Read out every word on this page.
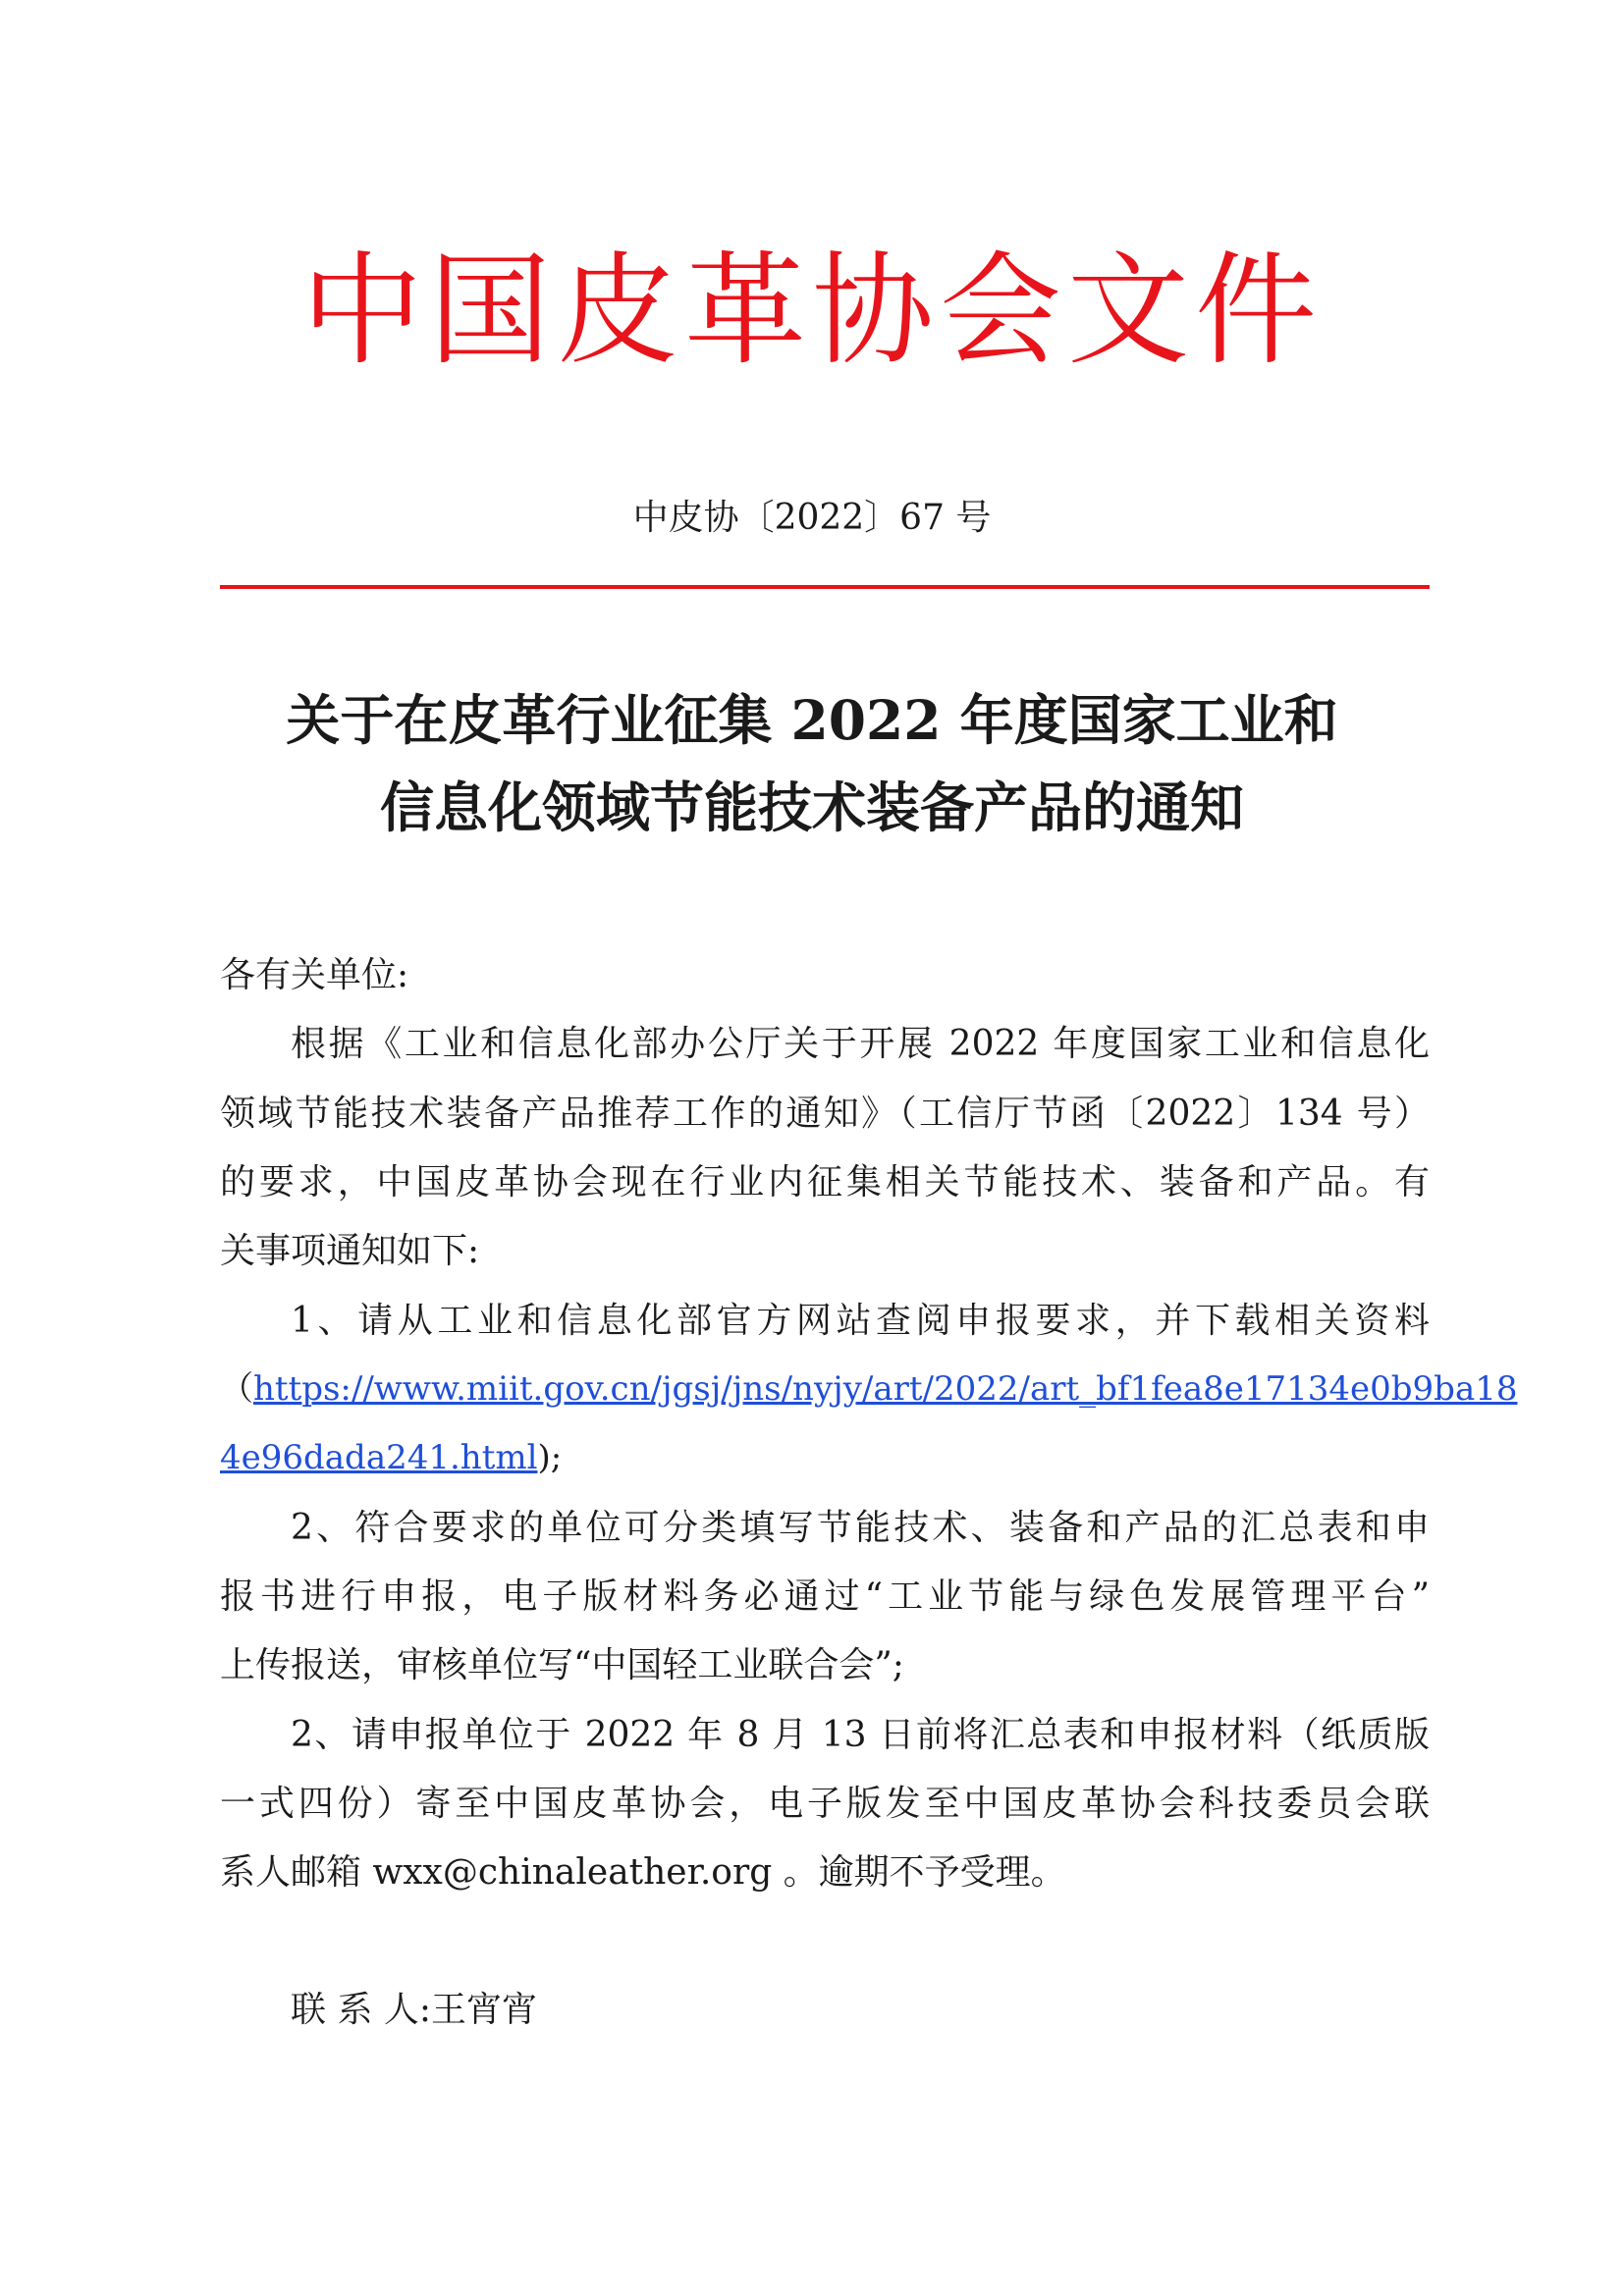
中国皮革协会文件
中皮协〔2022〕67 号
关于在皮革行业征集 2022 年度国家工业和
信息化领域节能技术装备产品的通知
各有关单位:
根据《工业和信息化部办公厅关于开展 2022 年度国家工业和信息化
领域节能技术装备产品推荐工作的通知》（工信厅节函〔2022〕134 号）
的要求，中国皮革协会现在行业内征集相关节能技术、装备和产品。有
关事项通知如下:
1、请从工业和信息化部官方网站查阅申报要求，并下载相关资料
（https://www.miit.gov.cn/jgsj/jns/nyjy/art/2022/art_bf1fea8e17134e0b9ba18
4e96dada241.html);
2、符合要求的单位可分类填写节能技术、装备和产品的汇总表和申
报书进行申报，电子版材料务必通过“工业节能与绿色发展管理平台”
上传报送，审核单位写“中国轻工业联合会”;
2、请申报单位于 2022 年 8 月 13 日前将汇总表和申报材料（纸质版
一式四份）寄至中国皮革协会，电子版发至中国皮革协会科技委员会联
系人邮箱 wxx@chinaleather.org 。逾期不予受理。
联 系 人:王宵宵
